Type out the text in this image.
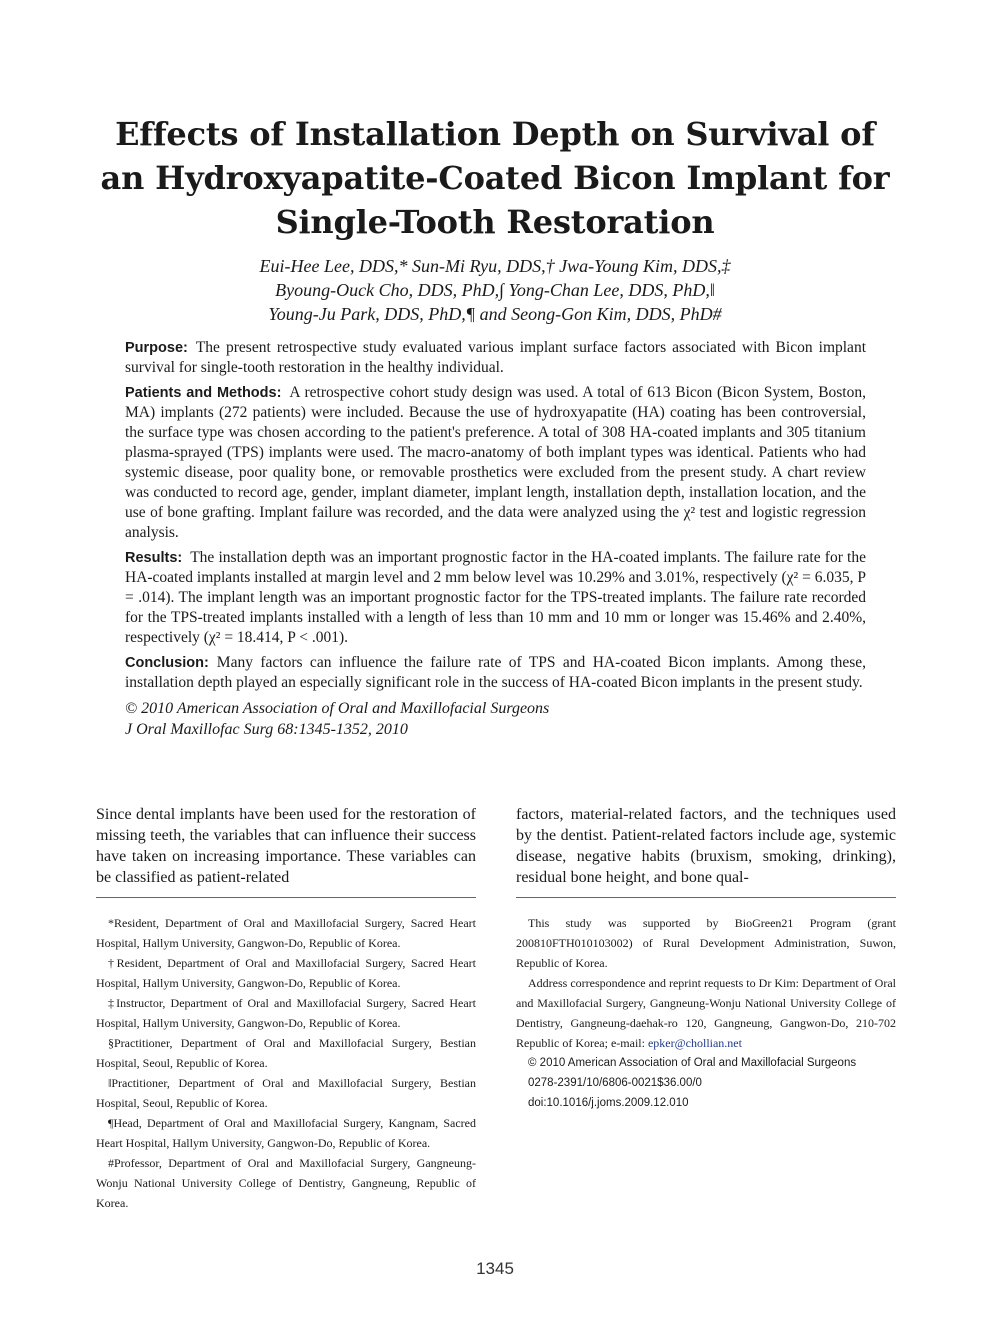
Effects of Installation Depth on Survival of an Hydroxyapatite-Coated Bicon Implant for Single-Tooth Restoration
Eui-Hee Lee, DDS,* Sun-Mi Ryu, DDS,† Jwa-Young Kim, DDS,‡
Byoung-Ouck Cho, DDS, PhD,∫ Yong-Chan Lee, DDS, PhD,‖
Young-Ju Park, DDS, PhD,¶ and Seong-Gon Kim, DDS, PhD#

Purpose: The present retrospective study evaluated various implant surface factors associated with Bicon implant survival for single-tooth restoration in the healthy individual.

Patients and Methods: A retrospective cohort study design was used. A total of 613 Bicon (Bicon System, Boston, MA) implants (272 patients) were included. Because the use of hydroxyapatite (HA) coating has been controversial, the surface type was chosen according to the patient's preference. A total of 308 HA-coated implants and 305 titanium plasma-sprayed (TPS) implants were used. The macro-anatomy of both implant types was identical. Patients who had systemic disease, poor quality bone, or removable prosthetics were excluded from the present study. A chart review was conducted to record age, gender, implant diameter, implant length, installation depth, installation location, and the use of bone grafting. Implant failure was recorded, and the data were analyzed using the χ² test and logistic regression analysis.

Results: The installation depth was an important prognostic factor in the HA-coated implants. The failure rate for the HA-coated implants installed at margin level and 2 mm below level was 10.29% and 3.01%, respectively (χ² = 6.035, P = .014). The implant length was an important prognostic factor for the TPS-treated implants. The failure rate recorded for the TPS-treated implants installed with a length of less than 10 mm and 10 mm or longer was 15.46% and 2.40%, respectively (χ² = 18.414, P < .001).

Conclusion: Many factors can influence the failure rate of TPS and HA-coated Bicon implants. Among these, installation depth played an especially significant role in the success of HA-coated Bicon implants in the present study.

© 2010 American Association of Oral and Maxillofacial Surgeons

J Oral Maxillofac Surg 68:1345-1352, 2010

Since dental implants have been used for the restoration of missing teeth, the variables that can influence their success have taken on increasing importance. These variables can be classified as patient-related

factors, material-related factors, and the techniques used by the dentist. Patient-related factors include age, systemic disease, negative habits (bruxism, smoking, drinking), residual bone height, and bone qual-

*Resident, Department of Oral and Maxillofacial Surgery, Sacred Heart Hospital, Hallym University, Gangwon-Do, Republic of Korea.

†Resident, Department of Oral and Maxillofacial Surgery, Sacred Heart Hospital, Hallym University, Gangwon-Do, Republic of Korea.

‡Instructor, Department of Oral and Maxillofacial Surgery, Sacred Heart Hospital, Hallym University, Gangwon-Do, Republic of Korea.

§Practitioner, Department of Oral and Maxillofacial Surgery, Bestian Hospital, Seoul, Republic of Korea.

‖Practitioner, Department of Oral and Maxillofacial Surgery, Bestian Hospital, Seoul, Republic of Korea.

¶Head, Department of Oral and Maxillofacial Surgery, Kangnam, Sacred Heart Hospital, Hallym University, Gangwon-Do, Republic of Korea.

#Professor, Department of Oral and Maxillofacial Surgery, Gangneung-Wonju National University College of Dentistry, Gangneung, Republic of Korea.

This study was supported by BioGreen21 Program (grant 200810FTH010103002) of Rural Development Administration, Suwon, Republic of Korea.

Address correspondence and reprint requests to Dr Kim: Department of Oral and Maxillofacial Surgery, Gangneung-Wonju National University College of Dentistry, Gangneung-daehak-ro 120, Gangneung, Gangwon-Do, 210-702 Republic of Korea; e-mail: epker@chollian.net

© 2010 American Association of Oral and Maxillofacial Surgeons

0278-2391/10/6806-0021$36.00/0

doi:10.1016/j.joms.2009.12.010

1345
